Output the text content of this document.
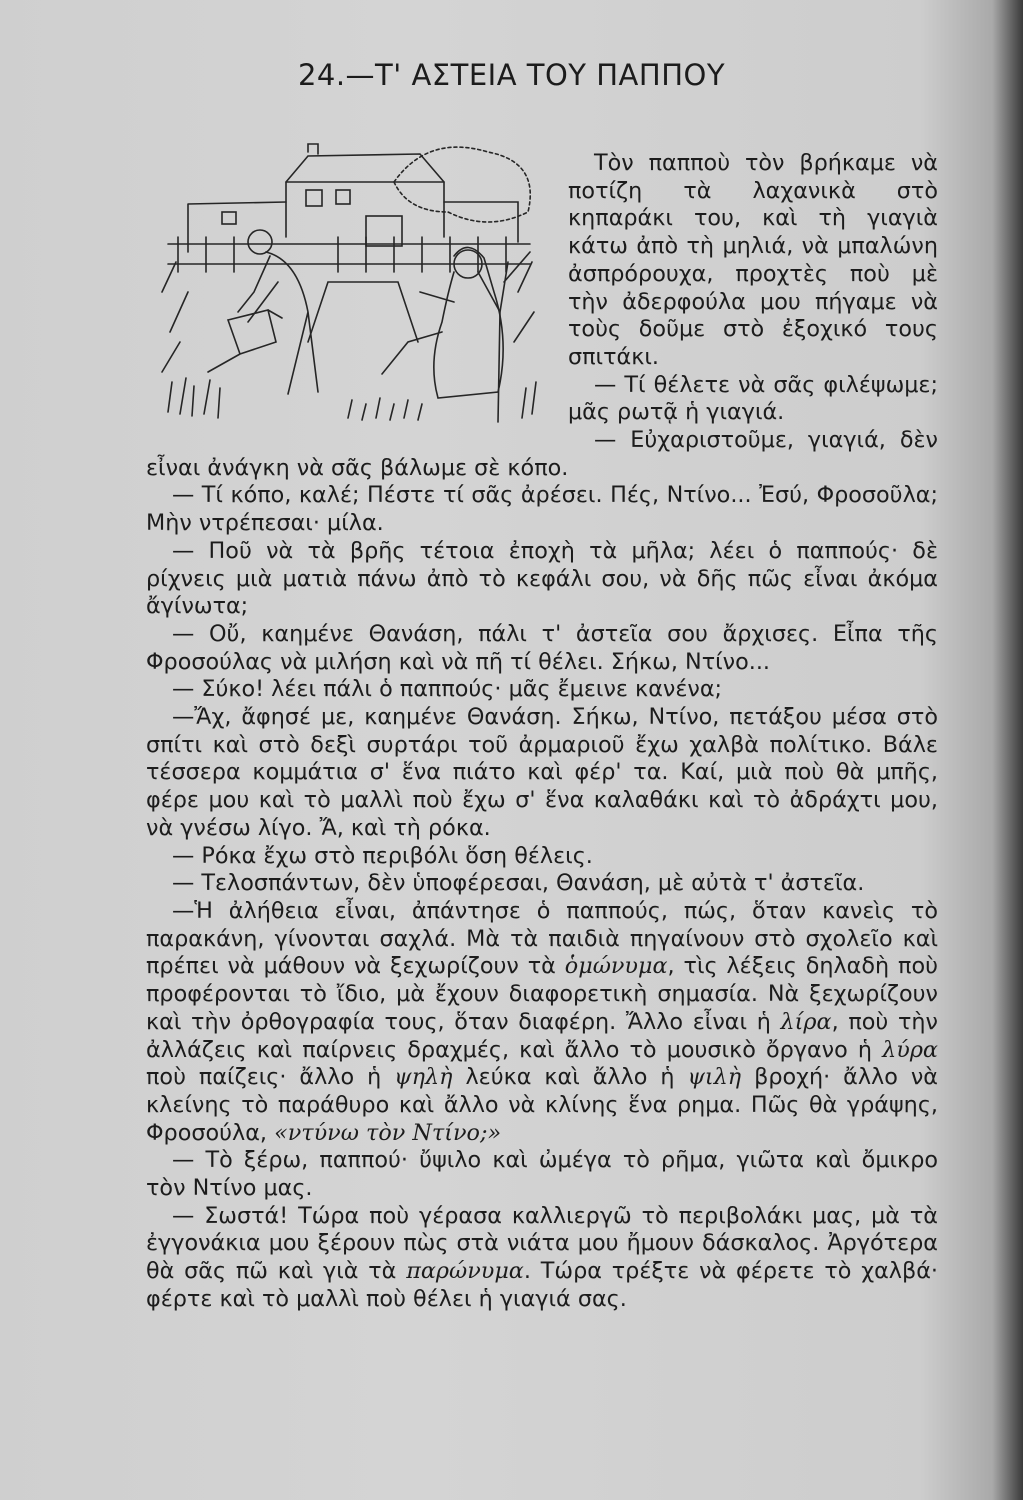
24.—Τ' ΑΣΤΕΙΑ ΤΟΥ ΠΑΠΠΟΥ

Τὸν παπποὺ τὸν βρήκαμε νὰ ποτίζη τὰ λαχανικὰ στὸ κηπαράκι του, καὶ τὴ γιαγιὰ κάτω ἀπὸ τὴ μηλιά, νὰ μπαλώνη ἀσπρόρουχα, προχτὲς ποὺ μὲ τὴν ἀδερφούλα μου πήγαμε νὰ τοὺς δοῦμε στὸ ἐξοχικό τους σπιτάκι.

— Τί θέλετε νὰ σᾶς φιλέψωμε; μᾶς ρωτᾷ ἡ γιαγιά.

— Εὐχαριστοῦμε, γιαγιά, δὲν εἶναι ἀνάγκη νὰ σᾶς βάλωμε σὲ κόπο.

— Τί κόπο, καλέ; Πέστε τί σᾶς ἀρέσει. Πές, Ντίνο... Ἐσύ, Φροσοῦλα; Μὴν ντρέπεσαι· μίλα.

— Ποῦ νὰ τὰ βρῆς τέτοια ἐποχὴ τὰ μῆλα; λέει ὁ παππούς· δὲ ρίχνεις μιὰ ματιὰ πάνω ἀπὸ τὸ κεφάλι σου, νὰ δῆς πῶς εἶναι ἀκόμα ἄγίνωτα;

— Οὔ, καημένε Θανάση, πάλι τ' ἀστεῖα σου ἄρχισες. Εἶπα τῆς Φροσούλας νὰ μιλήση καὶ νὰ πῆ τί θέλει. Σήκω, Ντίνο...

— Σύκο! λέει πάλι ὁ παππούς· μᾶς ἔμεινε κανένα;

—Ἄχ, ἄφησέ με, καημένε Θανάση. Σήκω, Ντίνο, πετάξου μέσα στὸ σπίτι καὶ στὸ δεξὶ συρτάρι τοῦ ἀρμαριοῦ ἔχω χαλβὰ πολίτικο. Βάλε τέσσερα κομμάτια σ' ἕνα πιάτο καὶ φέρ' τα. Καί, μιὰ ποὺ θὰ μπῆς, φέρε μου καὶ τὸ μαλλὶ ποὺ ἔχω σ' ἕνα καλαθάκι καὶ τὸ ἀδράχτι μου, νὰ γνέσω λίγο. Ἄ, καὶ τὴ ρόκα.

— Ρόκα ἔχω στὸ περιβόλι ὅση θέλεις.

— Τελοσπάντων, δὲν ὑποφέρεσαι, Θανάση, μὲ αὐτὰ τ' ἀστεῖα.

—Ἡ ἀλήθεια εἶναι, ἀπάντησε ὁ παππούς, πώς, ὅταν κανεὶς τὸ παρακάνη, γίνονται σαχλά. Μὰ τὰ παιδιὰ πηγαίνουν στὸ σχολεῖο καὶ πρέπει νὰ μάθουν νὰ ξεχωρίζουν τὰ ὁμώνυμα, τὶς λέξεις δηλαδὴ ποὺ προφέρονται τὸ ἴδιο, μὰ ἔχουν διαφορετικὴ σημασία. Νὰ ξεχωρίζουν καὶ τὴν ὀρθογραφία τους, ὅταν διαφέρη. Ἄλλο εἶναι ἡ λίρα, ποὺ τὴν ἀλλάζεις καὶ παίρνεις δραχμές, καὶ ἄλλο τὸ μουσικὸ ὄργανο ἡ λύρα ποὺ παίζεις· ἄλλο ἡ ψηλὴ λεύκα καὶ ἄλλο ἡ ψιλὴ βροχή· ἄλλο νὰ κλείνης τὸ παράθυρο καὶ ἄλλο νὰ κλίνης ἕνα ρημα. Πῶς θὰ γράψης, Φροσούλα, «ντύνω τὸν Ντίνο;»

— Τὸ ξέρω, παππού· ὔψιλο καὶ ὠμέγα τὸ ρῆμα, γιῶτα καὶ ὄμικρο τὸν Ντίνο μας.

— Σωστά! Τώρα ποὺ γέρασα καλλιεργῶ τὸ περιβολάκι μας, μὰ τὰ ἐγγονάκια μου ξέρουν πὼς στὰ νιάτα μου ἤμουν δάσκαλος. Ἀργότερα θὰ σᾶς πῶ καὶ γιὰ τὰ παρώνυμα. Τώρα τρέξτε νὰ φέρετε τὸ χαλβά· φέρτε καὶ τὸ μαλλὶ ποὺ θέλει ἡ γιαγιά σας.
